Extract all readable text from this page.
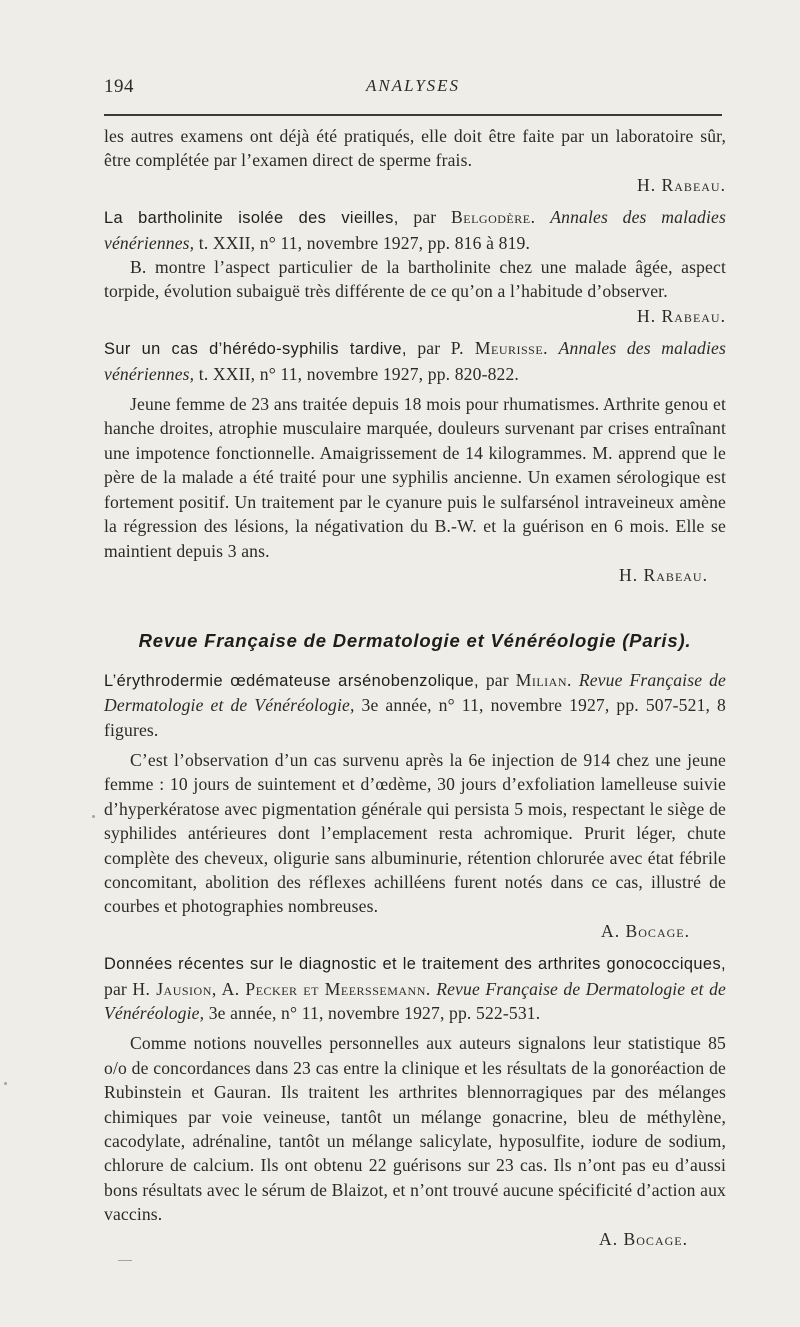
194	ANALYSES

les autres examens ont déjà été pratiqués, elle doit être faite par un laboratoire sûr, être complétée par l’examen direct de sperme frais.

H. Rabeau.

La bartholinite isolée des vieilles, par Belgodère. Annales des maladies vénériennes, t. XXII, n° 11, novembre 1927, pp. 816 à 819.

B. montre l’aspect particulier de la bartholinite chez une malade âgée, aspect torpide, évolution subaiguë très différente de ce qu’on a l’habitude d’observer.
H. Rabeau.

Sur un cas d’hérédo-syphilis tardive, par P. Meurisse. Annales des maladies vénériennes, t. XXII, n° 11, novembre 1927, pp. 820-822.

Jeune femme de 23 ans traitée depuis 18 mois pour rhumatismes. Arthrite genou et hanche droites, atrophie musculaire marquée, douleurs survenant par crises entraînant une impotence fonctionnelle. Amaigrissement de 14 kilogrammes. M. apprend que le père de la malade a été traité pour une syphilis ancienne. Un examen sérologique est fortement positif. Un traitement par le cyanure puis le sulfarsénol intraveineux amène la régression des lésions, la négativation du B.-W. et la guérison en 6 mois. Elle se maintient depuis 3 ans.

H. Rabeau.

Revue Française de Dermatologie et Vénéréologie (Paris).

L’érythrodermie œdémateuse arsénobenzolique, par Milian. Revue Française de Dermatologie et de Vénéréologie, 3e année, n° 11, novembre 1927, pp. 507-521, 8 figures.

C’est l’observation d’un cas survenu après la 6e injection de 914 chez une jeune femme : 10 jours de suintement et d’œdème, 30 jours d’exfoliation lamelleuse suivie d’hyperkératose avec pigmentation générale qui persista 5 mois, respectant le siège de syphilides antérieures dont l’emplacement resta achromique. Prurit léger, chute complète des cheveux, oligurie sans albuminurie, rétention chlorurée avec état fébrile concomitant, abolition des réflexes achilléens furent notés dans ce cas, illustré de courbes et photographies nombreuses.

A. Bocage.

Données récentes sur le diagnostic et le traitement des arthrites gonococciques, par H. Jausion, A. Pecker et Meerssemann. Revue Française de Dermatologie et de Vénéréologie, 3e année, n° 11, novembre 1927, pp. 522-531.

Comme notions nouvelles personnelles aux auteurs signalons leur statistique 85 o/o de concordances dans 23 cas entre la clinique et les résultats de la gonoréaction de Rubinstein et Gauran. Ils traitent les arthrites blennorragiques par des mélanges chimiques par voie veineuse, tantôt un mélange gonacrine, bleu de méthylène, cacodylate, adrénaline, tantôt un mélange salicylate, hyposulfite, iodure de sodium, chlorure de calcium. Ils ont obtenu 22 guérisons sur 23 cas. Ils n’ont pas eu d’aussi bons résultats avec le sérum de Blaizot, et n’ont trouvé aucune spécificité d’action aux vaccins.

A. Bocage.
